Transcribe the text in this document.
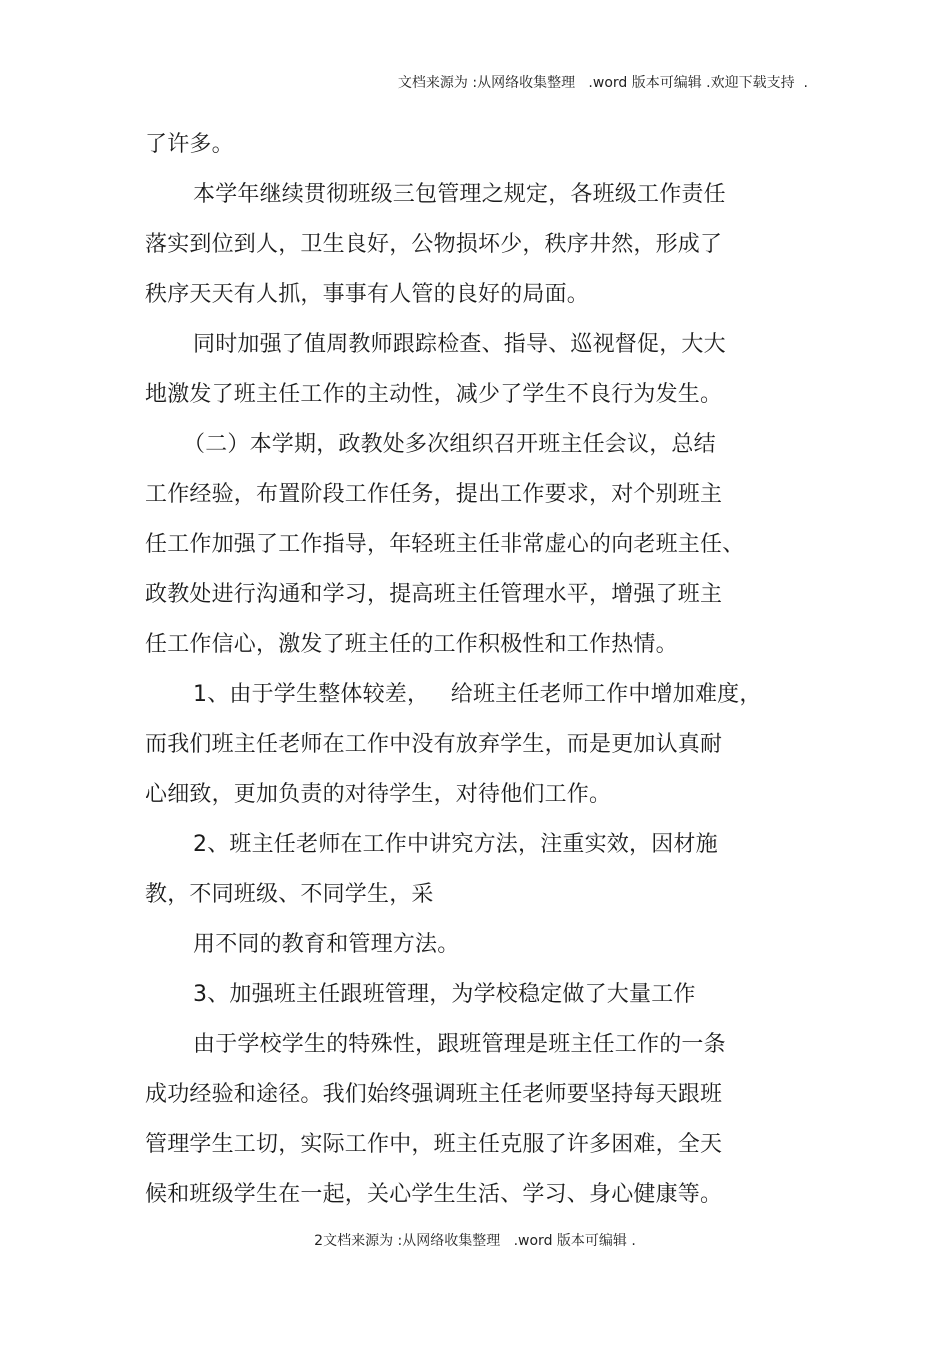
文档来源为 :从网络收集整理   .word 版本可编辑 .欢迎下载支持  .
了许多。
本学年继续贯彻班级三包管理之规定，各班级工作责任
落实到位到人，卫生良好，公物损坏少，秩序井然，形成了
秩序天天有人抓，事事有人管的良好的局面。
同时加强了值周教师跟踪检查、指导、巡视督促，大大
地激发了班主任工作的主动性，减少了学生不良行为发生。
（二）本学期，政教处多次组织召开班主任会议，总结
工作经验，布置阶段工作任务，提出工作要求，对个别班主
任工作加强了工作指导，年轻班主任非常虚心的向老班主任、
政教处进行沟通和学习，提高班主任管理水平，增强了班主
任工作信心，激发了班主任的工作积极性和工作热情。
1、由于学生整体较差，   给班主任老师工作中增加难度，
而我们班主任老师在工作中没有放弃学生，而是更加认真耐
心细致，更加负责的对待学生，对待他们工作。
2、班主任老师在工作中讲究方法，注重实效，因材施
教，不同班级、不同学生，采
用不同的教育和管理方法。
3、加强班主任跟班管理，为学校稳定做了大量工作
由于学校学生的特殊性，跟班管理是班主任工作的一条
成功经验和途径。我们始终强调班主任老师要坚持每天跟班
管理学生工切，实际工作中，班主任克服了许多困难，全天
候和班级学生在一起，关心学生生活、学习、身心健康等。
2文档来源为 :从网络收集整理   .word 版本可编辑 .
